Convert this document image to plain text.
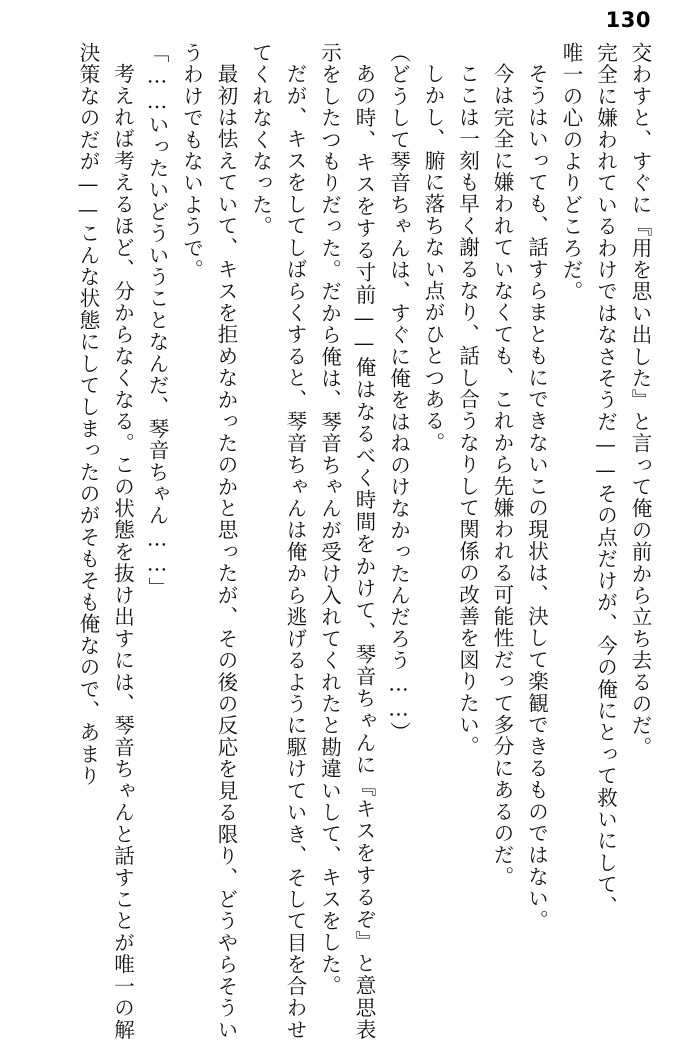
130

交わすと、すぐに『用を思い出した』と言って俺の前から立ち去るのだ。

完全に嫌われているわけではなさそうだ——その点だけが、今の俺にとって救いにして、

唯一の心のよりどころだ。

そうはいっても、話すらまともにできないこの現状は、決して楽観できるものではない。

今は完全に嫌われていなくても、これから先嫌われる可能性だって多分にあるのだ。

ここは一刻も早く謝るなり、話し合うなりして関係の改善を図りたい。

しかし、腑に落ちない点がひとつある。

（どうして琴音ちゃんは、すぐに俺をはねのけなかったんだろう……）

あの時、キスをする寸前——俺はなるべく時間をかけて、琴音ちゃんに『キスをするぞ』と意思表示をしたつもりだった。だから俺は、琴音ちゃんが受け入れてくれたと勘違いして、キスをした。

だが、キスをしてしばらくすると、琴音ちゃんは俺から逃げるように駆けていき、そして目を合わせてくれなくなった。

最初は怯えていて、キスを拒めなかったのかと思ったが、その後の反応を見る限り、どうやらそういうわけでもないようで。

「……いったいどういうことなんだ、琴音ちゃん……」

考えれば考えるほど、分からなくなる。この状態を抜け出すには、琴音ちゃんと話すことが唯一の解決策なのだが——こんな状態にしてしまったのがそもそも俺なので、あまり
